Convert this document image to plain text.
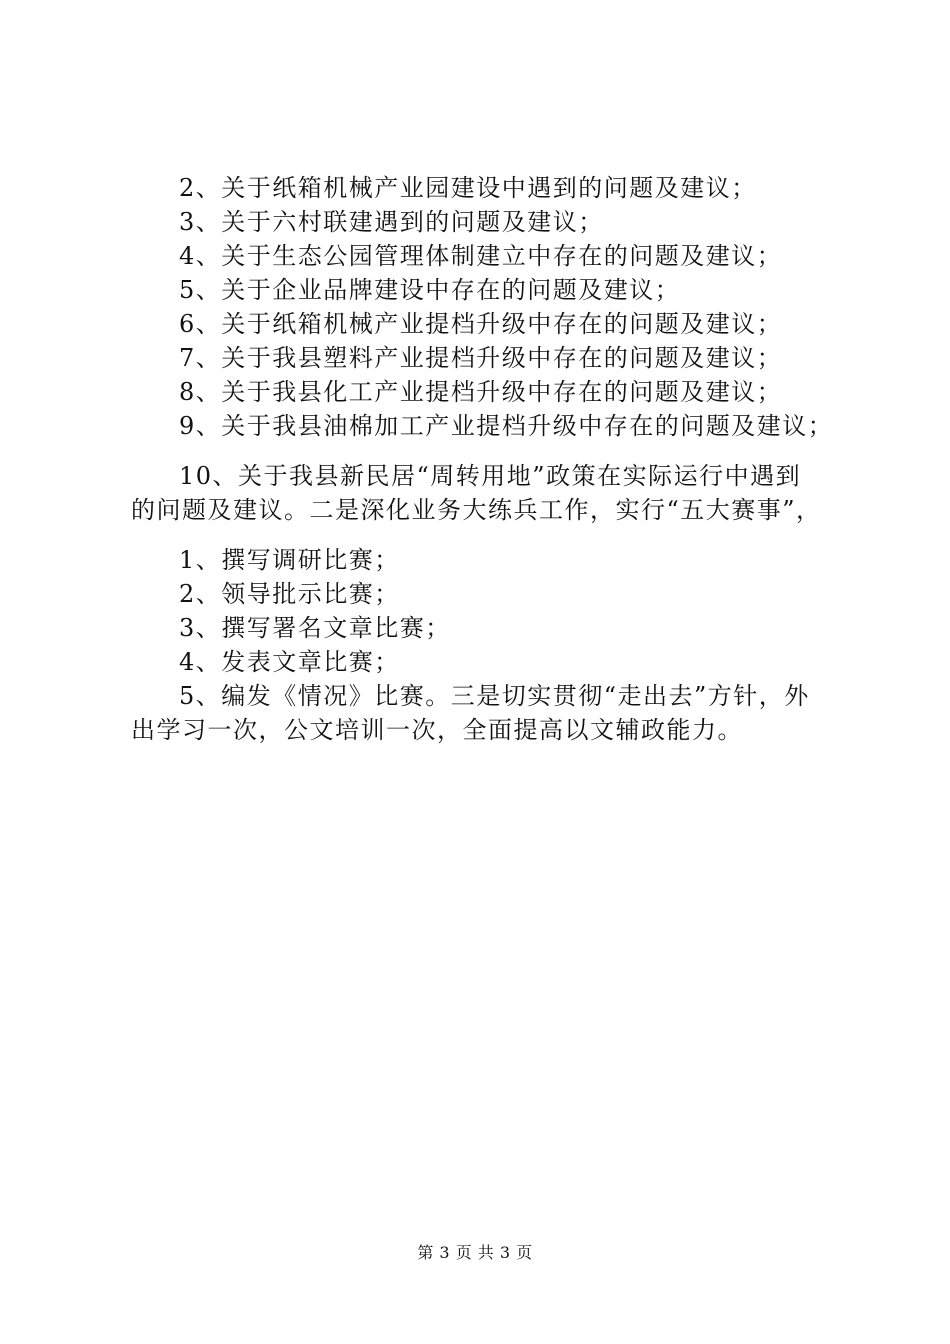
2、关于纸箱机械产业园建设中遇到的问题及建议；
3、关于六村联建遇到的问题及建议；
4、关于生态公园管理体制建立中存在的问题及建议；
5、关于企业品牌建设中存在的问题及建议；
6、关于纸箱机械产业提档升级中存在的问题及建议；
7、关于我县塑料产业提档升级中存在的问题及建议；
8、关于我县化工产业提档升级中存在的问题及建议；
9、关于我县油棉加工产业提档升级中存在的问题及建议；
10、关于我县新民居“周转用地”政策在实际运行中遇到
的问题及建议。二是深化业务大练兵工作，实行“五大赛事”，
1、撰写调研比赛；
2、领导批示比赛；
3、撰写署名文章比赛；
4、发表文章比赛；
5、编发《情况》比赛。三是切实贯彻“走出去”方针，外
出学习一次，公文培训一次，全面提高以文辅政能力。
第 3 页 共 3 页
